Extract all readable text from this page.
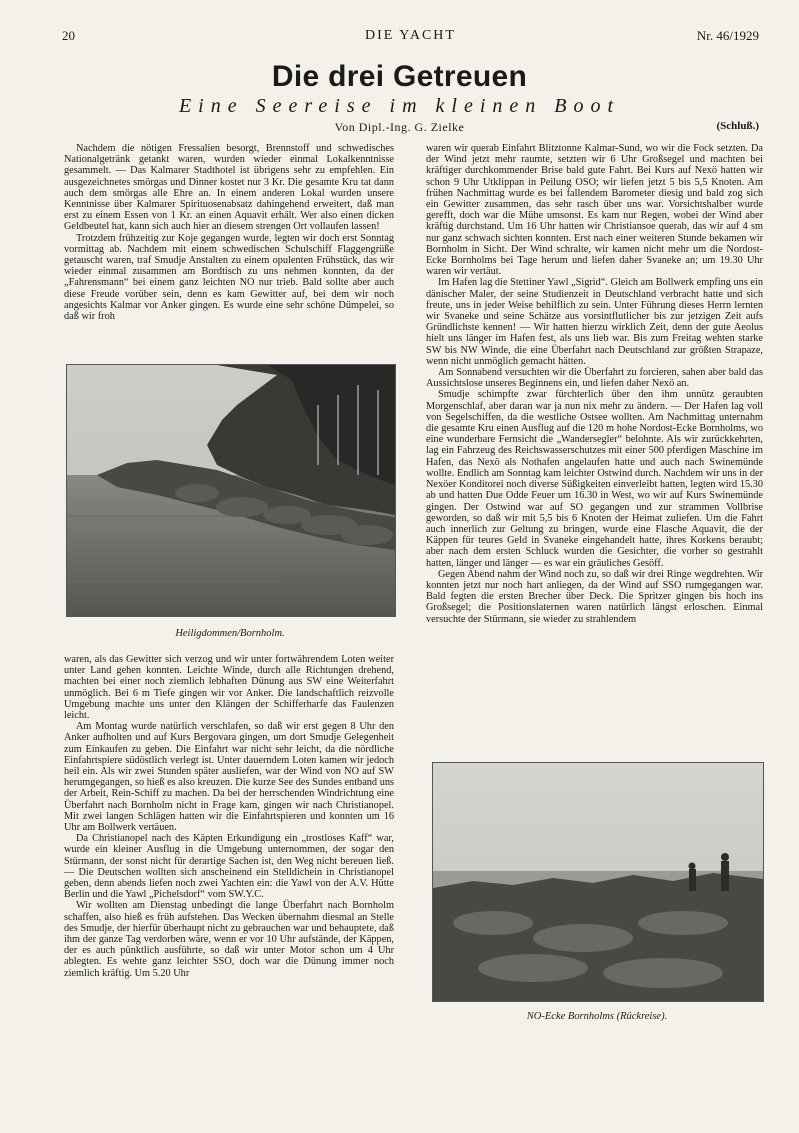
20	DIE YACHT	Nr. 46/1929
Die drei Getreuen
Eine Seereise im kleinen Boot
Von Dipl.-Ing. G. Zielke	(Schluß.)

Nachdem die nötigen Fressalien besorgt, Brennstoff und schwedisches Nationalgetränk getankt waren, wurden wieder einmal Lokalkenntnisse gesammelt. — Das Kalmarer Stadthotel ist übrigens sehr zu empfehlen. Ein ausgezeichnetes smörgas und Dinner kostet nur 3 Kr. Die gesamte Kru tat dann auch dem smörgas alle Ehre an. In einem anderen Lokal wurden unsere Kenntnisse über Kalmarer Spirituosenabsatz dahingehend erweitert, daß man erst zu einem Essen von 1 Kr. an einen Aquavit erhält. Wer also einen dicken Geldbeutel hat, kann sich auch hier an diesem strengen Ort vollaufen lassen!

Trotzdem frühzeitig zur Koje gegangen wurde, legten wir doch erst Sonntag vormittag ab. Nachdem mit einem schwedischen Schulschiff Flaggengrüße getauscht waren, traf Smudje Anstalten zu einem opulenten Frühstück, das wir wieder einmal zusammen am Bordtisch zu uns nehmen konnten, da der „Fahrensmann“ bei einem ganz leichten NO nur trieb. Bald sollte aber auch diese Freude vorüber sein, denn es kam Gewitter auf, bei dem wir noch angesichts Kalmar vor Anker gingen. Es wurde eine sehr schöne Dümpelei, so daß wir froh

Heiligdommen/Bornholm.

waren, als das Gewitter sich verzog und wir unter fortwährendem Loten weiter unter Land gehen konnten. Leichte Winde, durch alle Richtungen drehend, machten bei einer noch ziemlich lebhaften Dünung aus SW eine Weiterfahrt unmöglich. Bei 6 m Tiefe gingen wir vor Anker. Die landschaftlich reizvolle Umgebung machte uns unter den Klängen der Schifferharfe das Faulenzen leicht.

Am Montag wurde natürlich verschlafen, so daß wir erst gegen 8 Uhr den Anker aufholten und auf Kurs Bergovara gingen, um dort Smudje Gelegenheit zum Einkaufen zu geben. Die Einfahrt war nicht sehr leicht, da die nördliche Einfahrtspiere südöstlich verlegt ist. Unter dauerndem Loten kamen wir jedoch heil ein. Als wir zwei Stunden später ausliefen, war der Wind von NO auf SW herumgegangen, so hieß es also kreuzen. Die kurze See des Sundes entband uns der Arbeit, Rein-Schiff zu machen. Da bei der herrschenden Windrichtung eine Überfahrt nach Bornholm nicht in Frage kam, gingen wir nach Christianopel. Mit zwei langen Schlägen hatten wir die Einfahrtspieren und konnten um 16 Uhr am Bollwerk vertäuen.

Da Christianopel nach des Käpten Erkundigung ein „trostloses Kaff“ war, wurde ein kleiner Ausflug in die Umgebung unternommen, der sogar den Stürmann, der sonst nicht für derartige Sachen ist, den Weg nicht bereuen ließ. — Die Deutschen wollten sich anscheinend ein Stelldichein in Christianopel geben, denn abends liefen noch zwei Yachten ein: die Yawl von der A.V. Hütte Berlin und die Yawl „Pichelsdorf“ vom SW.Y.C.

Wir wollten am Dienstag unbedingt die lange Überfahrt nach Bornholm schaffen, also hieß es früh aufstehen. Das Wecken übernahm diesmal an Stelle des Smudje, der hierfür überhaupt nicht zu gebrauchen war und behauptete, daß ihm der ganze Tag verdorben wäre, wenn er vor 10 Uhr aufstände, der Käppen, der es auch pünktlich ausführte, so daß wir unter Motor schon um 4 Uhr ablegten. Es wehte ganz leichter SSO, doch war die Dünung immer noch ziemlich kräftig. Um 5.20 Uhr

waren wir querab Einfahrt Blitztonne Kalmar-Sund, wo wir die Fock setzten. Da der Wind jetzt mehr raumte, setzten wir 6 Uhr Großsegel und machten bei kräftiger durchkommender Brise bald gute Fahrt. Bei Kurs auf Nexö hatten wir schon 9 Uhr Utklippan in Peilung OSO; wir liefen jetzt 5 bis 5,5 Knoten. Am frühen Nachmittag wurde es bei fallendem Barometer diesig und bald zog sich ein Gewitter zusammen, das sehr rasch über uns war. Vorsichtshalber wurde gerefft, doch war die Mühe umsonst. Es kam nur Regen, wobei der Wind aber kräftig durchstand. Um 16 Uhr hatten wir Christiansoe querab, das wir auf 4 sm nur ganz schwach sichten konnten. Erst nach einer weiteren Stunde bekamen wir Bornholm in Sicht. Der Wind schralte, wir kamen nicht mehr um die Nordost-Ecke Bornholms bei Tage herum und liefen daher Svaneke an; um 19.30 Uhr waren wir vertäut.

Im Hafen lag die Stettiner Yawl „Sigrid“. Gleich am Bollwerk empfing uns ein dänischer Maler, der seine Studienzeit in Deutschland verbracht hatte und sich freute, uns in jeder Weise behilflich zu sein. Unter Führung dieses Herrn lernten wir Svaneke und seine Schätze aus vorsintflutlicher bis zur jetzigen Zeit aufs Gründlichste kennen! — Wir hatten hierzu wirklich Zeit, denn der gute Aeolus hielt uns länger im Hafen fest, als uns lieb war. Bis zum Freitag wehten starke SW bis NW Winde, die eine Überfahrt nach Deutschland zur größten Strapaze, wenn nicht unmöglich gemacht hätten.

Am Sonnabend versuchten wir die Überfahrt zu forcieren, sahen aber bald das Aussichtslose unseres Beginnens ein, und liefen daher Nexö an.

Smudje schimpfte zwar fürchterlich über den ihm unnütz geraubten Morgenschlaf, aber daran war ja nun nix mehr zu ändern. — Der Hafen lag voll von Segelschiffen, da die westliche Ostsee wollten. Am Nachmittag unternahm die gesamte Kru einen Ausflug auf die 120 m hohe Nordost-Ecke Bornholms, wo eine wunderbare Fernsicht die „Wandersegler“ belohnte. Als wir zurückkehrten, lag ein Fahrzeug des Reichswasserschutzes mit einer 500 pferdigen Maschine im Hafen, das Nexö als Nothafen angelaufen hatte und auch nach Swinemünde wollte. Endlich am Sonntag kam leichter Ostwind durch. Nachdem wir uns in der Nexöer Konditorei noch diverse Süßigkeiten einverleibt hatten, legten wird 15.30 ab und hatten Due Odde Feuer um 16.30 in West, wo wir auf Kurs Swinemünde gingen. Der Ostwind war auf SO gegangen und zur strammen Vollbrise geworden, so daß wir mit 5,5 bis 6 Knoten der Heimat zuliefen. Um die Fahrt auch innerlich zur Geltung zu bringen, wurde eine Flasche Aquavit, die der Käppen für teures Geld in Svaneke eingehandelt hatte, ihres Korkens beraubt; aber nach dem ersten Schluck wurden die Gesichter, die vorher so gestrahlt hatten, länger und länger — es war ein gräuliches Gesöff.

Gegen Abend nahm der Wind noch zu, so daß wir drei Ringe wegdrehten. Wir konnten jetzt nur noch hart anliegen, da der Wind auf SSO rumgegangen war. Bald fegten die ersten Brecher über Deck. Die Spritzer gingen bis hoch ins Großsegel; die Positionslaternen waren natürlich längst erloschen. Einmal versuchte der Stürmann, sie wieder zu strahlendem

NO-Ecke Bornholms (Rückreise).
